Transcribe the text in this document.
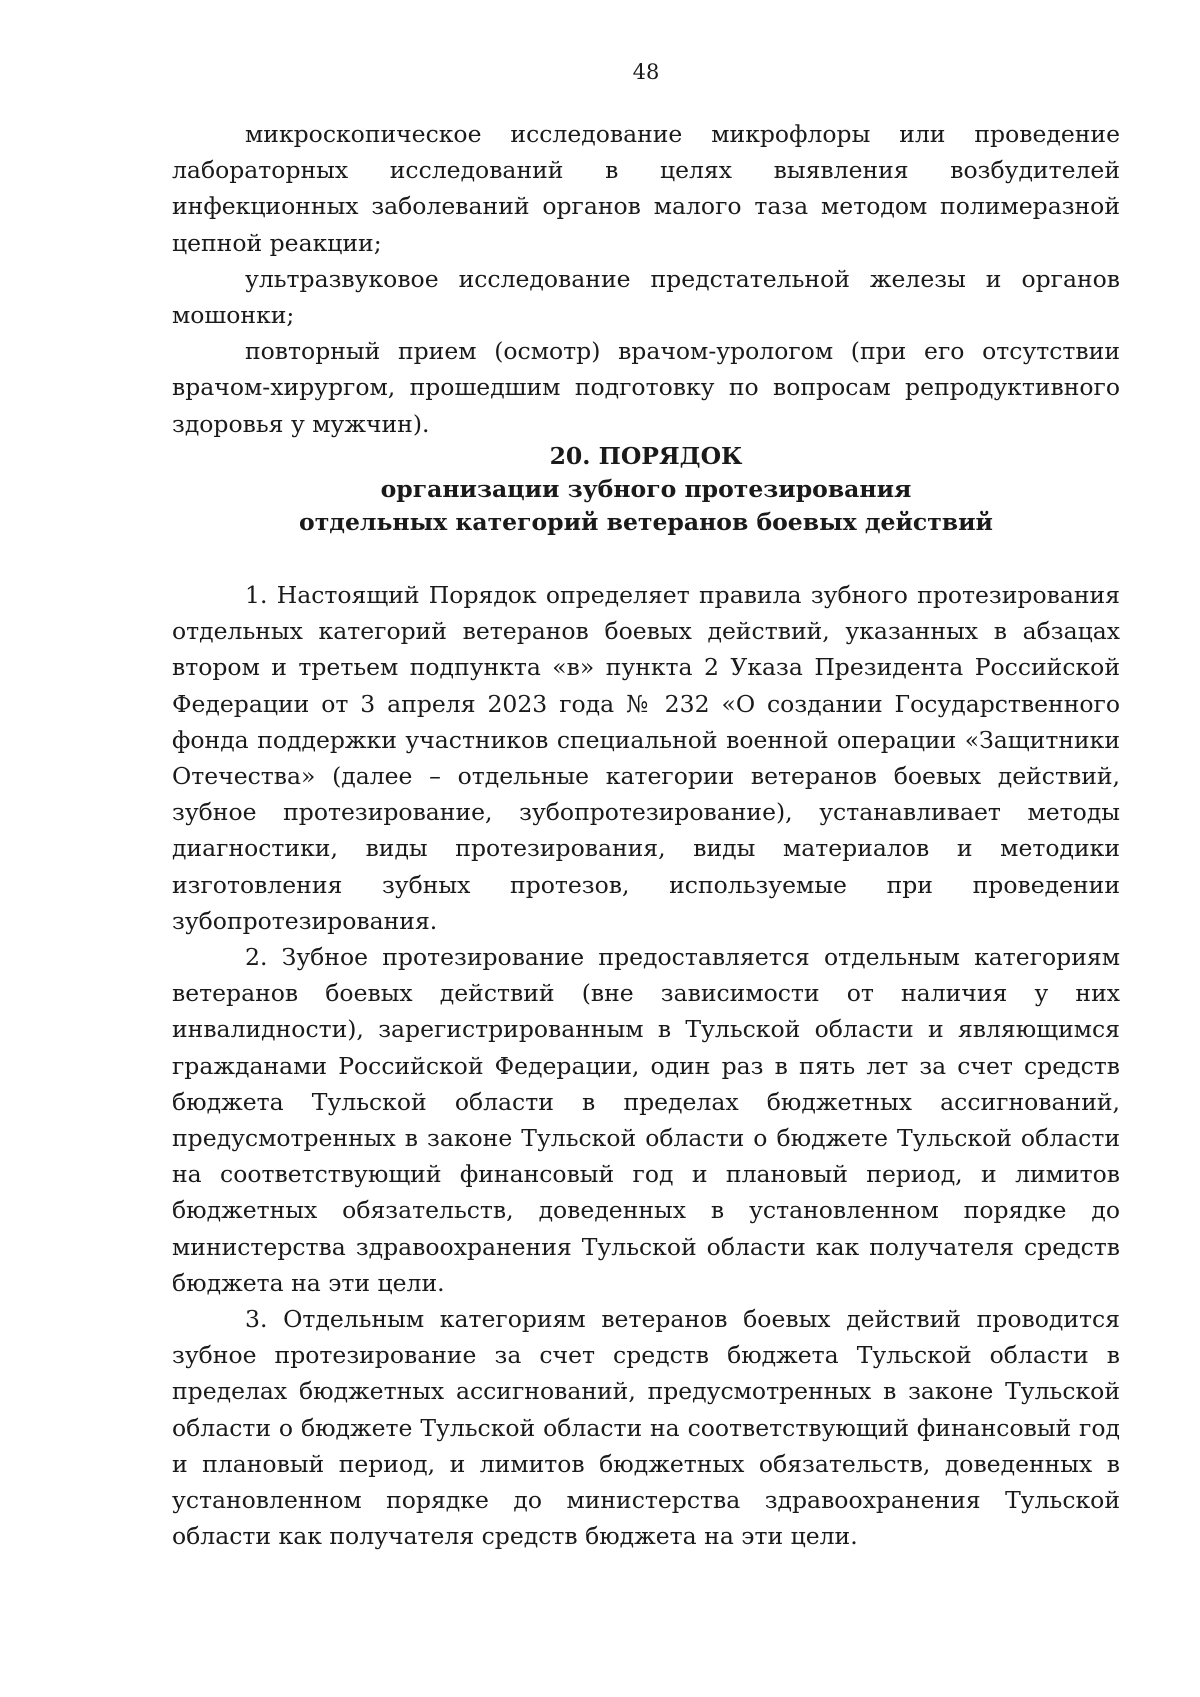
48

микроскопическое исследование микрофлоры или проведение лабораторных исследований в целях выявления возбудителей инфекционных заболеваний органов малого таза методом полимеразной цепной реакции;

ультразвуковое исследование предстательной железы и органов мошонки;

повторный прием (осмотр) врачом-урологом (при его отсутствии врачом-хирургом, прошедшим подготовку по вопросам репродуктивного здоровья у мужчин).

20. ПОРЯДОК
организации зубного протезирования
отдельных категорий ветеранов боевых действий

1. Настоящий Порядок определяет правила зубного протезирования отдельных категорий ветеранов боевых действий, указанных в абзацах втором и третьем подпункта «в» пункта 2 Указа Президента Российской Федерации от 3 апреля 2023 года № 232 «О создании Государственного фонда поддержки участников специальной военной операции «Защитники Отечества» (далее – отдельные категории ветеранов боевых действий, зубное протезирование, зубопротезирование), устанавливает методы диагностики, виды протезирования, виды материалов и методики изготовления зубных протезов, используемые при проведении зубопротезирования.

2. Зубное протезирование предоставляется отдельным категориям ветеранов боевых действий (вне зависимости от наличия у них инвалидности), зарегистрированным в Тульской области и являющимся гражданами Российской Федерации, один раз в пять лет за счет средств бюджета Тульской области в пределах бюджетных ассигнований, предусмотренных в законе Тульской области о бюджете Тульской области на соответствующий финансовый год и плановый период, и лимитов бюджетных обязательств, доведенных в установленном порядке до министерства здравоохранения Тульской области как получателя средств бюджета на эти цели.

3. Отдельным категориям ветеранов боевых действий проводится зубное протезирование за счет средств бюджета Тульской области в пределах бюджетных ассигнований, предусмотренных в законе Тульской области о бюджете Тульской области на соответствующий финансовый год и плановый период, и лимитов бюджетных обязательств, доведенных в установленном порядке до министерства здравоохранения Тульской области как получателя средств бюджета на эти цели.
